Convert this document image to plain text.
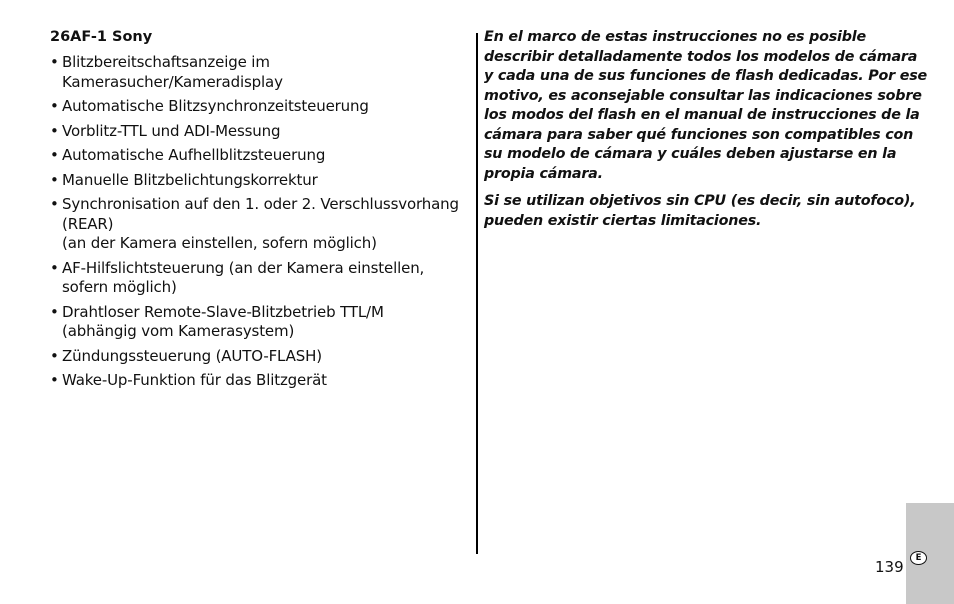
26AF-1 Sony
• Blitzbereitschaftsanzeige im
Kamerasucher/Kameradisplay
• Automatische Blitzsynchronzeitsteuerung
• Vorblitz-TTL und ADI-Messung
• Automatische Aufhellblitzsteuerung
• Manuelle Blitzbelichtungskorrektur
• Synchronisation auf den 1. oder 2. Verschlussvorhang
(REAR)
(an der Kamera einstellen, sofern möglich)
• AF-Hilfslichtsteuerung (an der Kamera einstellen,
sofern möglich)
• Drahtloser Remote-Slave-Blitzbetrieb TTL/M
(abhängig vom Kamerasystem)
• Zündungssteuerung (AUTO-FLASH)
• Wake-Up-Funktion für das Blitzgerät

En el marco de estas instrucciones no es posible
describir detalladamente todos los modelos de cámara
y cada una de sus funciones de flash dedicadas. Por ese
motivo, es aconsejable consultar las indicaciones sobre
los modos del flash en el manual de instrucciones de la
cámara para saber qué funciones son compatibles con
su modelo de cámara y cuáles deben ajustarse en la
propia cámara.

Si se utilizan objetivos sin CPU (es decir, sin autofoco),
pueden existir ciertas limitaciones.

139	E
